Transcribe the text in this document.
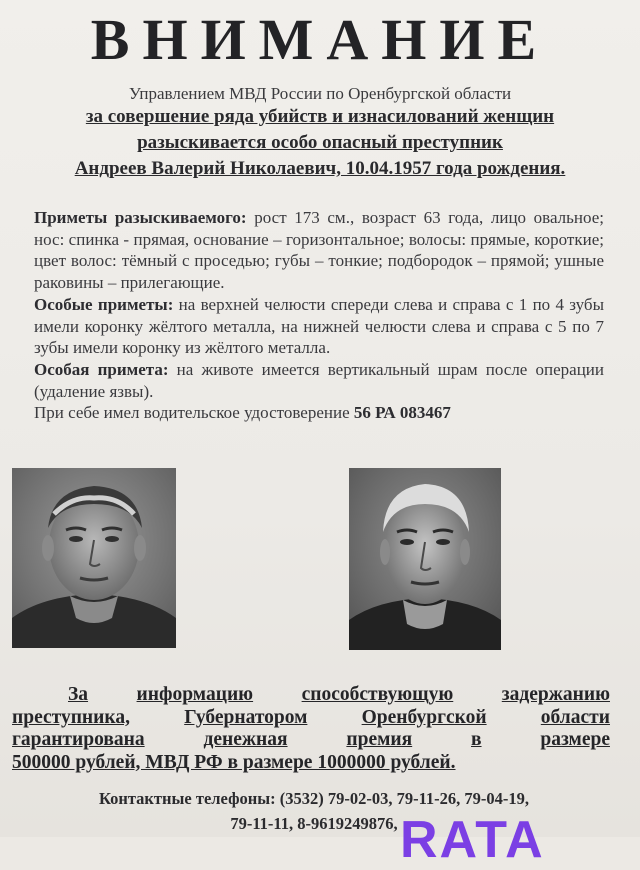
ВНИМАНИЕ
Управлением МВД России по Оренбургской области
за совершение ряда убийств и изнасилований женщин
разыскивается особо опасный преступник
Андреев Валерий Николаевич, 10.04.1957 года рождения.

Приметы разыскиваемого: рост 173 см., возраст 63 года, лицо овальное; нос: спинка - прямая, основание – горизонтальное; волосы: прямые, короткие; цвет волос: тёмный с проседью; губы – тонкие; подбородок – прямой; ушные раковины – прилегающие.

Особые приметы: на верхней челюсти спереди слева и справа с 1 по 4 зубы имели коронку жёлтого металла, на нижней челюсти слева и справа с 5 по 7 зубы имели коронку из жёлтого металла.

Особая примета: на животе имеется вертикальный шрам после операции (удаление язвы).

При себе имел водительское удостоверение 56 РА 083467

За информацию способствующую задержанию
преступника,	Губернатором	Оренбургской	области
гарантирована	денежная	премия	в	размере
500000 рублей, МВД РФ в размере 1000000 рублей.
Контактные телефоны: (3532) 79-02-03, 79-11-26, 79-04-19,
79-11-11, 8-9619249876, RATA
